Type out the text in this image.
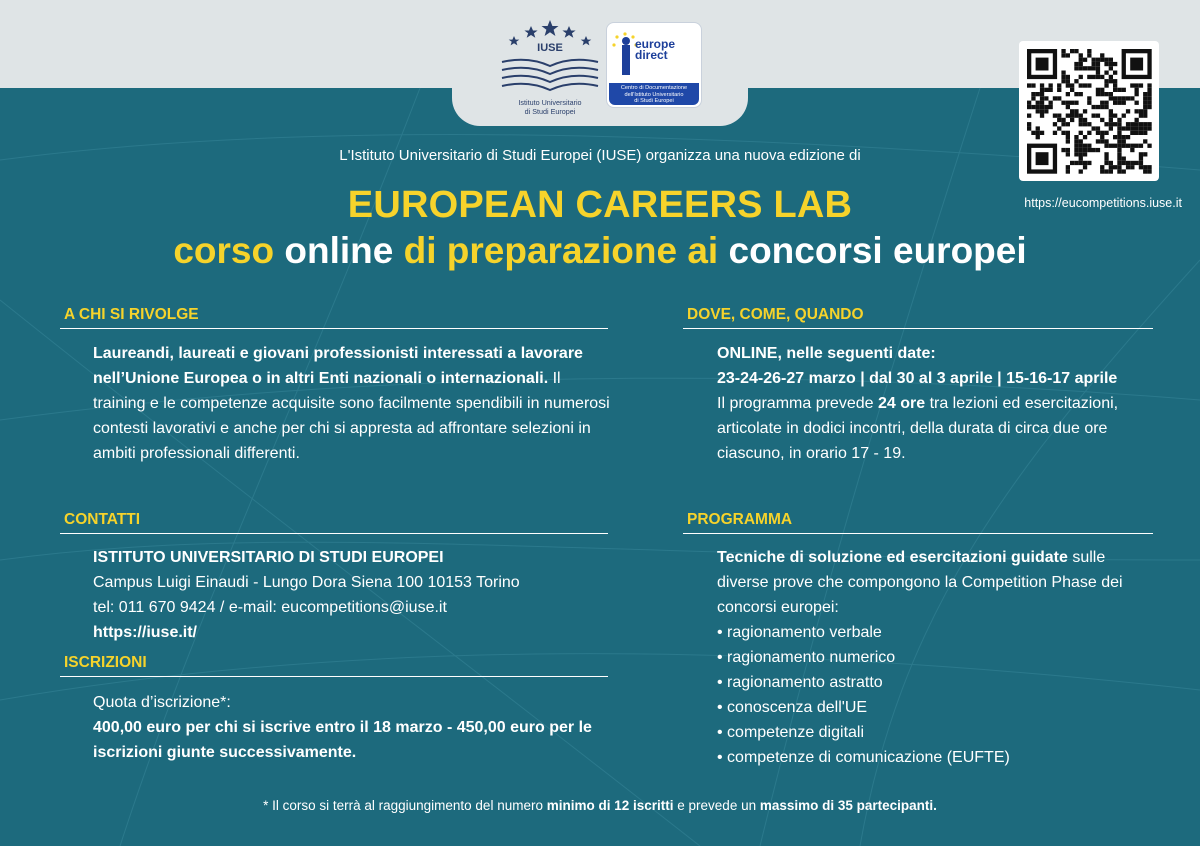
IUSE
Istituto Universitario
di Studi Europei
europe
direct
Centro di Documentazione
dell'Istituto Universitario
di Studi Europei
https://eucompetitions.iuse.it
L'Istituto Universitario di Studi Europei (IUSE) organizza una nuova edizione di
EUROPEAN CAREERS LAB
corso online di preparazione ai concorsi europei
A CHI SI RIVOLGE
Laureandi, laureati e giovani professionisti interessati a lavorare nell’Unione Europea o in altri Enti nazionali o internazionali. Il training e le competenze acquisite sono facilmente spendibili in numerosi contesti lavorativi e anche per chi si appresta ad affrontare selezioni in ambiti professionali differenti.
DOVE, COME, QUANDO
ONLINE, nelle seguenti date:
23-24-26-27 marzo | dal 30 al 3 aprile | 15-16-17 aprile
Il programma prevede 24 ore tra lezioni ed esercitazioni, articolate in dodici incontri, della durata di circa due ore ciascuno, in orario 17 - 19.
CONTATTI
ISTITUTO UNIVERSITARIO DI STUDI EUROPEI
Campus Luigi Einaudi - Lungo Dora Siena 100 10153 Torino
tel: 011 670 9424 / e-mail: eucompetitions@iuse.it
https://iuse.it/
ISCRIZIONI
Quota d’iscrizione*:
400,00 euro per chi si iscrive entro il 18 marzo - 450,00 euro per le iscrizioni giunte successivamente.
PROGRAMMA
Tecniche di soluzione ed esercitazioni guidate sulle diverse prove che compongono la Competition Phase dei concorsi europei:
• ragionamento verbale
• ragionamento numerico
• ragionamento astratto
• conoscenza dell'UE
• competenze digitali
• competenze di comunicazione (EUFTE)
* Il corso si terrà al raggiungimento del numero minimo di 12 iscritti e prevede un massimo di 35 partecipanti.
